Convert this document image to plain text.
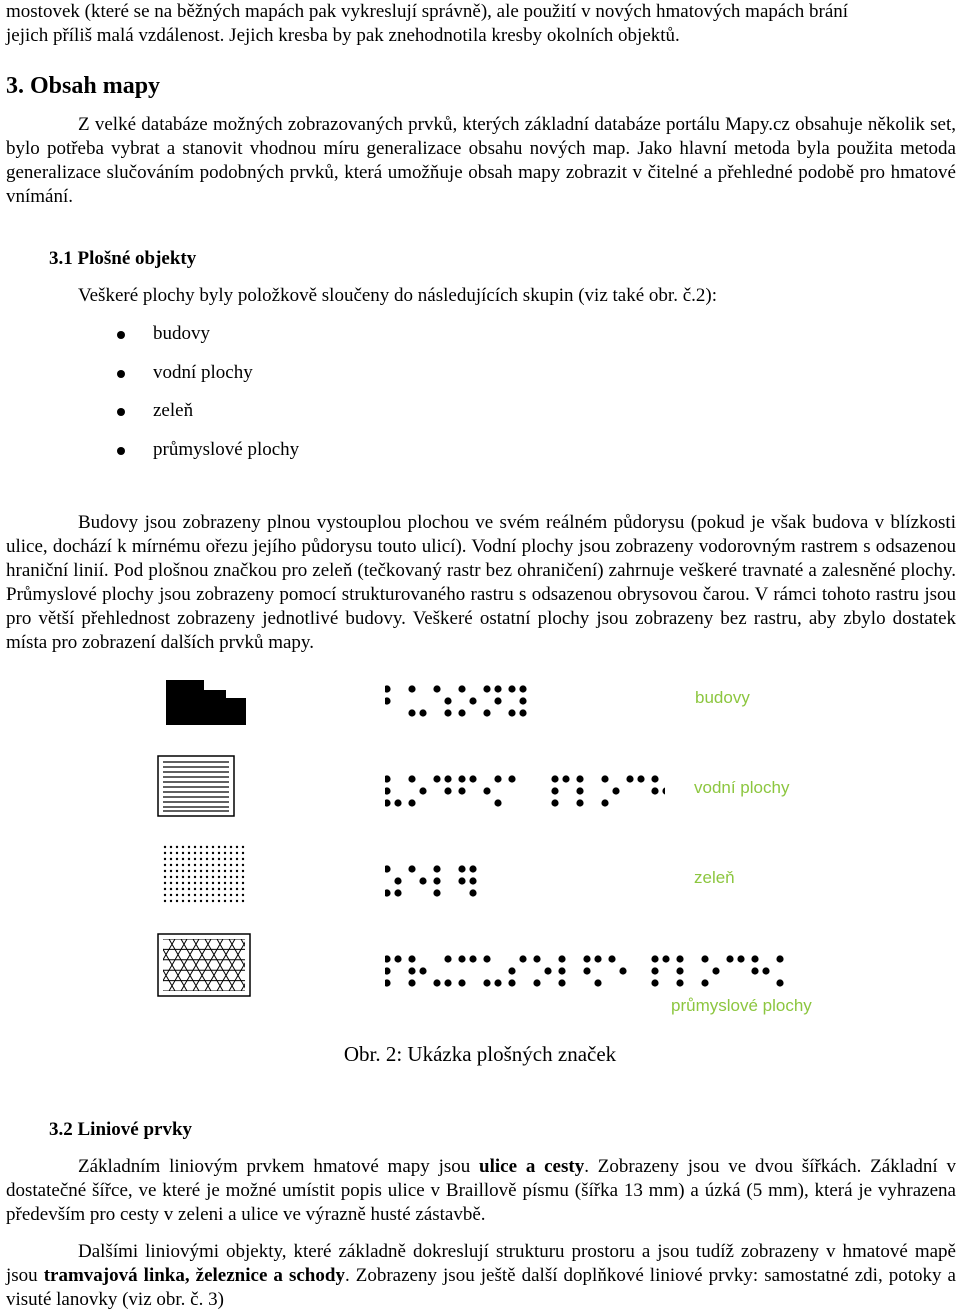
mostovek (které se na běžných mapách pak vykreslují správně), ale použití v nových hmatových mapách brání

jejich příliš malá vzdálenost. Jejich kresba by pak znehodnotila kresby okolních objektů.

3. Obsah mapy

Z velké databáze možných zobrazovaných prvků, kterých základní databáze portálu Mapy.cz obsahuje několik set, bylo potřeba vybrat a stanovit vhodnou míru generalizace obsahu nových map. Jako hlavní metoda byla použita metoda generalizace slučováním podobných prvků, která umožňuje obsah mapy zobrazit v čitelné a přehledné podobě pro hmatové vnímání.

3.1 Plošné objekty

Veškeré plochy byly položkově sloučeny do následujících skupin (viz také obr. č.2):

budovy
vodní plochy
zeleň
průmyslové plochy

Budovy jsou zobrazeny plnou vystouplou plochou ve svém reálném půdorysu (pokud je však budova v blízkosti ulice, dochází k mírnému ořezu jejího půdorysu touto ulicí). Vodní plochy jsou zobrazeny vodorovným rastrem s odsazenou hraniční linií. Pod plošnou značkou pro zeleň (tečkovaný rastr bez ohraničení) zahrnuje veškeré travnaté a zalesněné plochy. Průmyslové plochy jsou zobrazeny pomocí strukturovaného rastru s odsazenou obrysovou čarou. V rámci tohoto rastru jsou pro větší přehlednost zobrazeny jednotlivé budovy. Veškeré ostatní plochy jsou zobrazeny bez rastru, aby zbylo dostatek místa pro zobrazení dalších prvků mapy.

budovy
vodní plochy
zeleň
průmyslové plochy
Obr. 2: Ukázka plošných značek
3.2 Liniové prvky

Základním liniovým prvkem hmatové mapy jsou ulice a cesty. Zobrazeny jsou ve dvou šířkách. Základní v dostatečné šířce, ve které je možné umístit popis ulice v Braillově písmu (šířka 13 mm) a úzká (5 mm), která je vyhrazena především pro cesty v zeleni a ulice ve výrazně husté zástavbě.

Dalšími liniovými objekty, které základně dokreslují strukturu prostoru a jsou tudíž zobrazeny v hmatové mapě jsou tramvajová linka, železnice a schody. Zobrazeny jsou ještě další doplňkové liniové prvky: samostatné zdi, potoky a visuté lanovky (viz obr. č. 3)
